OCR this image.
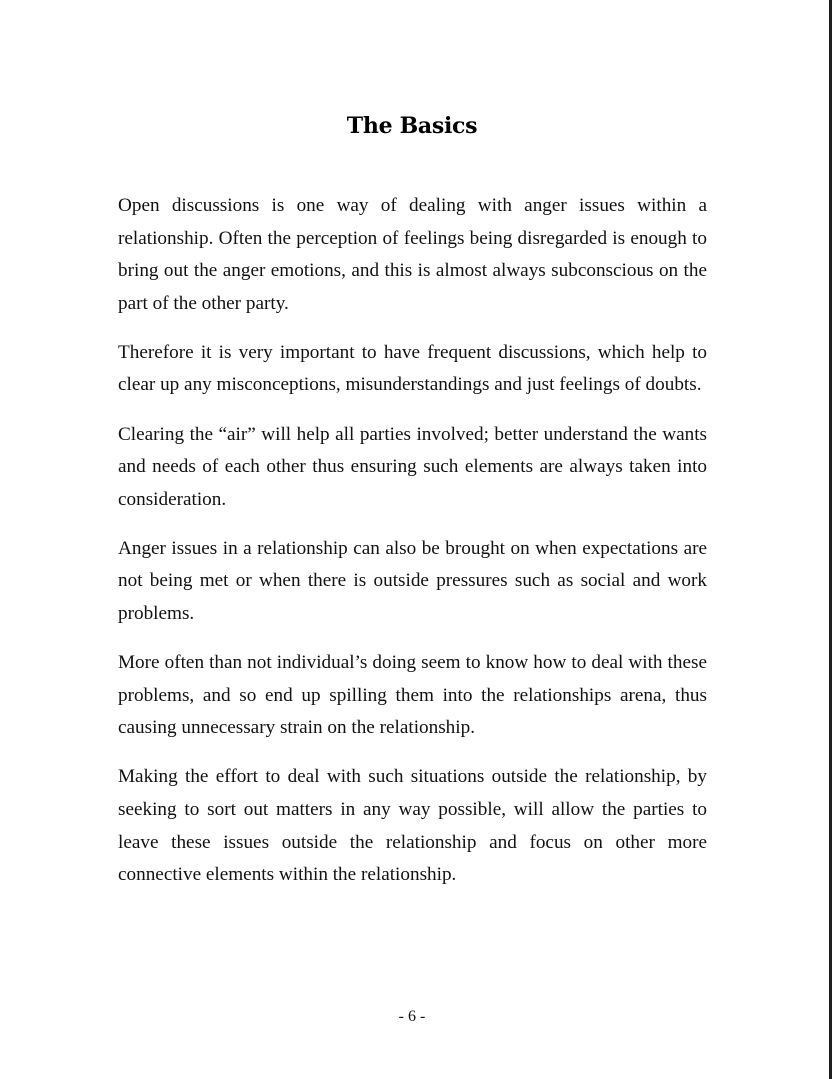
The Basics

Open discussions is one way of dealing with anger issues within a relationship. Often the perception of feelings being disregarded is enough to bring out the anger emotions, and this is almost always subconscious on the part of the other party.

Therefore it is very important to have frequent discussions, which help to clear up any misconceptions, misunderstandings and just feelings of doubts.

Clearing the “air” will help all parties involved; better understand the wants and needs of each other thus ensuring such elements are always taken into consideration.

Anger issues in a relationship can also be brought on when expectations are not being met or when there is outside pressures such as social and work problems.

More often than not individual’s doing seem to know how to deal with these problems, and so end up spilling them into the relationships arena, thus causing unnecessary strain on the relationship.

Making the effort to deal with such situations outside the relationship, by seeking to sort out matters in any way possible, will allow the parties to leave these issues outside the relationship and focus on other more connective elements within the relationship.

- 6 -
